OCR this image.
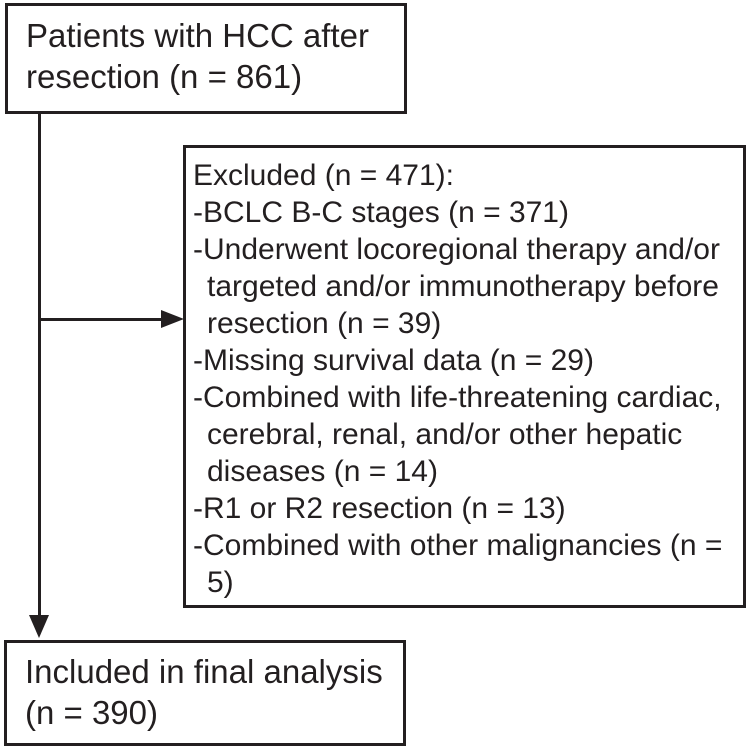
Patients with HCC after
resection (n = 861)
Excluded (n = 471):
-BCLC B-C stages (n = 371)
-Underwent locoregional therapy and/or targeted and/or immunotherapy before resection (n = 39)
-Missing survival data (n = 29)
-Combined with life-threatening cardiac, cerebral, renal, and/or other hepatic diseases (n = 14)
-R1 or R2 resection (n = 13)
-Combined with other malignancies (n = 5)
Included in final analysis
(n = 390)
